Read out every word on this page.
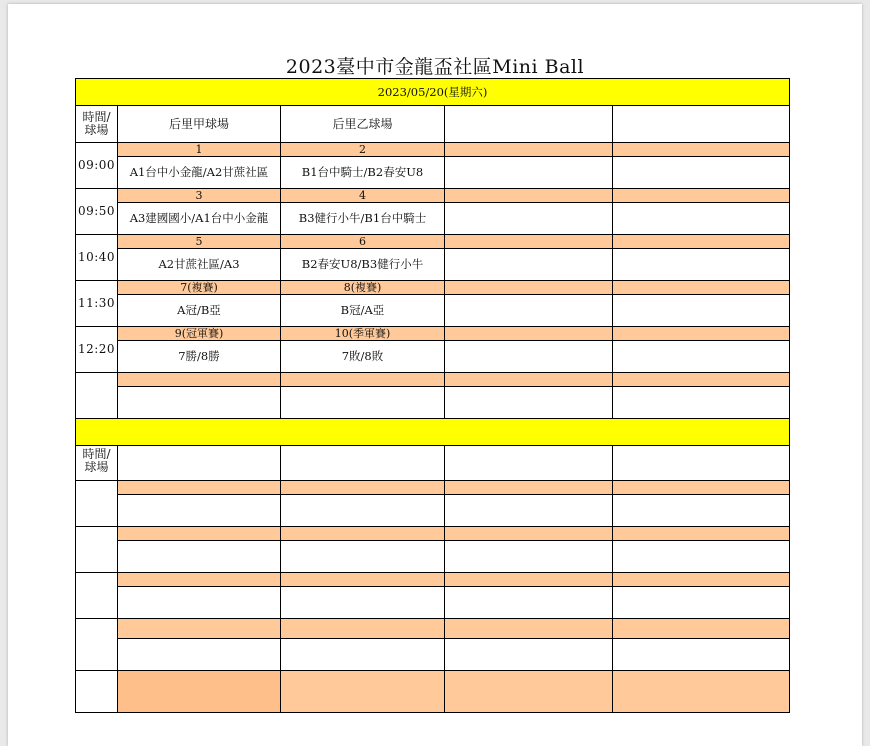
2023臺中市金龍盃社區Mini Ball
2023/05/20(星期六)				
時間/
球場	后里甲球場	后里乙球場		
09:00	1	2		
	A1台中小金龍/A2甘蔗社區	B1台中騎士/B2春安U8		
09:50	3	4		
	A3建國國小/A1台中小金龍	B3健行小牛/B1台中騎士		
10:40	5	6		
	A2甘蔗社區/A3	B2春安U8/B3健行小牛		
11:30	7(複賽)	8(複賽)		
	A冠/B亞	B冠/A亞		
12:20	9(冠軍賽)	10(季軍賽)		
	7勝/8勝	7敗/8敗		

時間/
球場				
